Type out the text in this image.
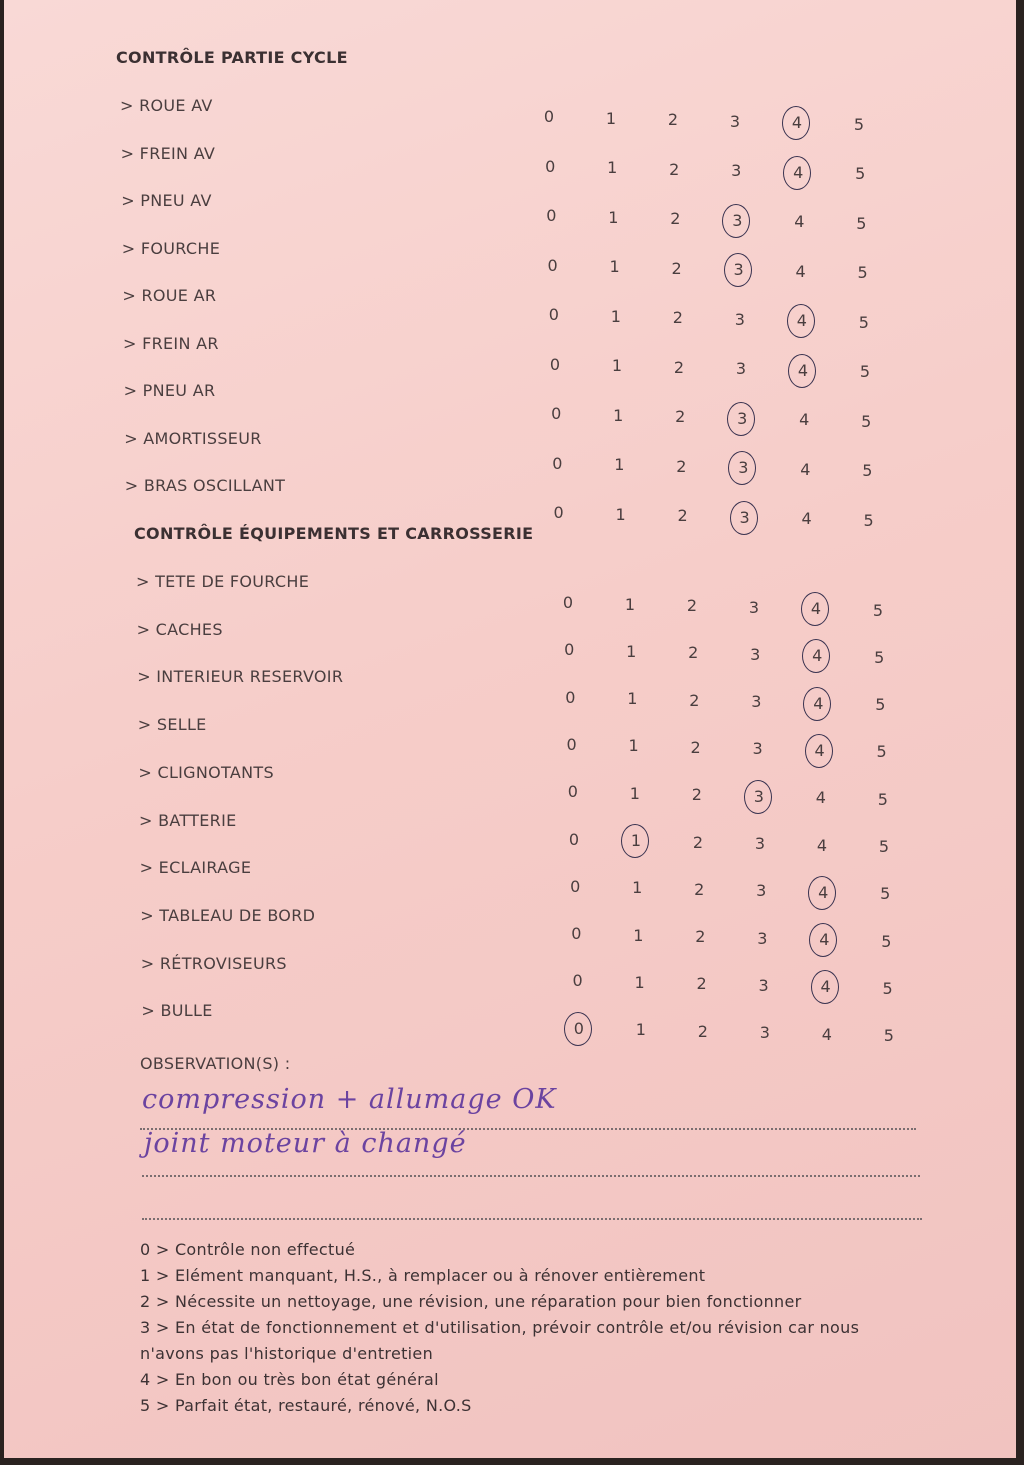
CONTRÔLE PARTIE CYCLE
> ROUE AV
0	1	2	3	4	5
> FREIN AV
0	1	2	3	4	5
> PNEU AV
0	1	2	3	4	5
> FOURCHE
0	1	2	3	4	5
> ROUE AR
0	1	2	3	4	5
> FREIN AR
0	1	2	3	4	5
> PNEU AR
0	1	2	3	4	5
> AMORTISSEUR
0	1	2	3	4	5
> BRAS OSCILLANT
0	1	2	3	4	5
CONTRÔLE ÉQUIPEMENTS ET CARROSSERIE
> TETE DE FOURCHE
0	1	2	3	4	5
> CACHES
0	1	2	3	4	5
> INTERIEUR RESERVOIR
0	1	2	3	4	5
> SELLE
0	1	2	3	4	5
> CLIGNOTANTS
0	1	2	3	4	5
> BATTERIE
0	1	2	3	4	5
> ECLAIRAGE
0	1	2	3	4	5
> TABLEAU DE BORD
0	1	2	3	4	5
> RÉTROVISEURS
0	1	2	3	4	5
> BULLE
0	1	2	3	4	5
OBSERVATION(S) :
compression + allumage OK
joint moteur à changé
0 > Contrôle non effectué
1 > Elément manquant, H.S., à remplacer ou à rénover entièrement
2 > Nécessite un nettoyage, une révision, une réparation pour bien fonctionner
3 > En état de fonctionnement et d'utilisation, prévoir contrôle et/ou révision car nous
n'avons pas l'historique d'entretien
4 > En bon ou très bon état général
5 > Parfait état, restauré, rénové, N.O.S
